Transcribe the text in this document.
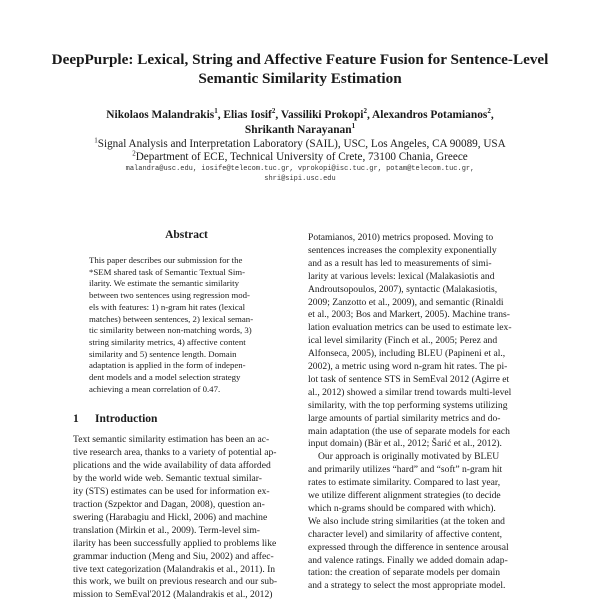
DeepPurple: Lexical, String and Affective Feature Fusion for Sentence-Level
Semantic Similarity Estimation
Nikolaos Malandrakis$^1$, Elias Iosif$^2$, Vassiliki Prokopi$^2$, Alexandros Potamianos$^2$,
Shrikanth Narayanan$^1$
$^1$Signal Analysis and Interpretation Laboratory (SAIL), USC, Los Angeles, CA 90089, USA
$^2$Department of ECE, Technical University of Crete, 73100 Chania, Greece
malandra@usc.edu, iosife@telecom.tuc.gr, vprokopi@isc.tuc.gr, potam@telecom.tuc.gr,
shri@sipi.usc.edu
Abstract
This paper describes our submission for the
*SEM shared task of Semantic Textual Sim-
ilarity. We estimate the semantic similarity
between two sentences using regression mod-
els with features: 1) n-gram hit rates (lexical
matches) between sentences, 2) lexical seman-
tic similarity between non-matching words, 3)
string similarity metrics, 4) affective content
similarity and 5) sentence length. Domain
adaptation is applied in the form of indepen-
dent models and a model selection strategy
achieving a mean correlation of 0.47.
1 Introduction
Text semantic similarity estimation has been an ac-
tive research area, thanks to a variety of potential ap-
plications and the wide availability of data afforded
by the world wide web. Semantic textual similar-
ity (STS) estimates can be used for information ex-
traction (Szpektor and Dagan, 2008), question an-
swering (Harabagiu and Hickl, 2006) and machine
translation (Mirkin et al., 2009). Term-level sim-
ilarity has been successfully applied to problems like
grammar induction (Meng and Siu, 2002) and affec-
tive text categorization (Malandrakis et al., 2011). In
this work, we built on previous research and our sub-
mission to SemEval'2012 (Malandrakis et al., 2012)
Potamianos, 2010) metrics proposed. Moving to
sentences increases the complexity exponentially
and as a result has led to measurements of simi-
larity at various levels: lexical (Malakasiotis and
Androutsopoulos, 2007), syntactic (Malakasiotis,
2009; Zanzotto et al., 2009), and semantic (Rinaldi
et al., 2003; Bos and Markert, 2005). Machine trans-
lation evaluation metrics can be used to estimate lex-
ical level similarity (Finch et al., 2005; Perez and
Alfonseca, 2005), including BLEU (Papineni et al.,
2002), a metric using word n-gram hit rates. The pi-
lot task of sentence STS in SemEval 2012 (Agirre et
al., 2012) showed a similar trend towards multi-level
similarity, with the top performing systems utilizing
large amounts of partial similarity metrics and do-
main adaptation (the use of separate models for each
input domain) (Bär et al., 2012; Šarić et al., 2012).
Our approach is originally motivated by BLEU
and primarily utilizes “hard” and “soft” n-gram hit
rates to estimate similarity. Compared to last year,
we utilize different alignment strategies (to decide
which n-grams should be compared with which).
We also include string similarities (at the token and
character level) and similarity of affective content,
expressed through the difference in sentence arousal
and valence ratings. Finally we added domain adap-
tation: the creation of separate models per domain
and a strategy to select the most appropriate model.
